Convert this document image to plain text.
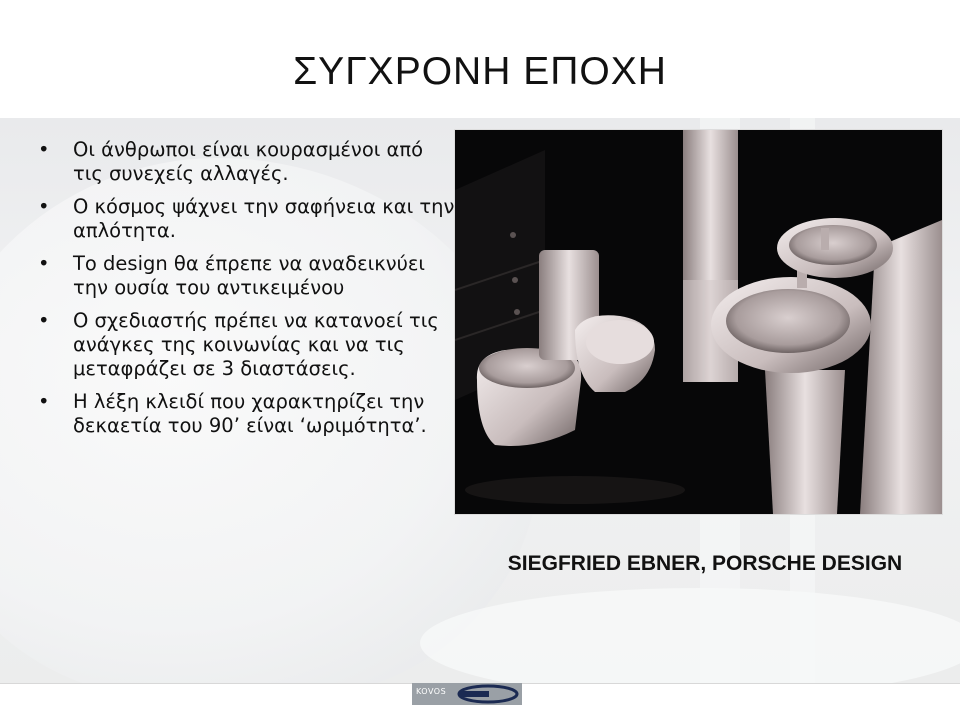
ΣΥΓΧΡΟΝΗ ΕΠΟΧΗ
•	Οι άνθρωποι είναι κουρασμένοι από τις συνεχείς αλλαγές.
•	Ο κόσμος ψάχνει την σαφήνεια και την απλότητα.
•	Το design θα έπρεπε να αναδεικνύει την ουσία του αντικειμένου
•	Ο σχεδιαστής πρέπει να κατανοεί τις ανάγκες της κοινωνίας και να τις μεταφράζει σε 3 διαστάσεις.
•	Η λέξη κλειδί που χαρακτηρίζει την δεκαετία του 90’ είναι ‘ωριμότητα’.
SIEGFRIED EBNER, PORSCHE DESIGN
KOVOS
